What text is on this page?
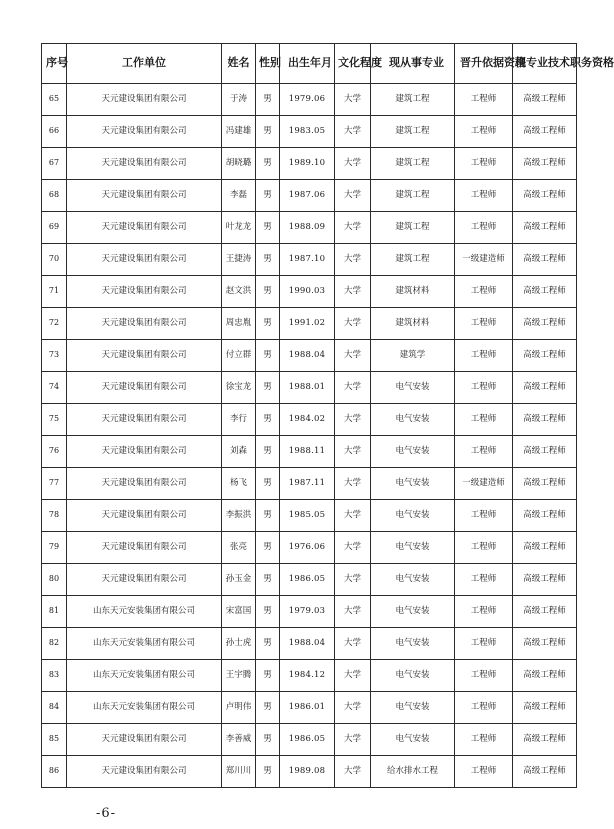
序号	工作单位	姓名	性别	出生年月	文化程度	现从事专业	晋升依据资格	现专业技术职务资格
65	天元建设集团有限公司	于涛	男	1979.06	大学	建筑工程	工程师	高级工程师
66	天元建设集团有限公司	冯建雄	男	1983.05	大学	建筑工程	工程师	高级工程师
67	天元建设集团有限公司	胡晓璐	男	1989.10	大学	建筑工程	工程师	高级工程师
68	天元建设集团有限公司	李磊	男	1987.06	大学	建筑工程	工程师	高级工程师
69	天元建设集团有限公司	叶龙龙	男	1988.09	大学	建筑工程	工程师	高级工程师
70	天元建设集团有限公司	王捷涛	男	1987.10	大学	建筑工程	一级建造师	高级工程师
71	天元建设集团有限公司	赵文洪	男	1990.03	大学	建筑材料	工程师	高级工程师
72	天元建设集团有限公司	周忠胤	男	1991.02	大学	建筑材料	工程师	高级工程师
73	天元建设集团有限公司	付立群	男	1988.04	大学	建筑学	工程师	高级工程师
74	天元建设集团有限公司	徐宝龙	男	1988.01	大学	电气安装	工程师	高级工程师
75	天元建设集团有限公司	李行	男	1984.02	大学	电气安装	工程师	高级工程师
76	天元建设集团有限公司	刘森	男	1988.11	大学	电气安装	工程师	高级工程师
77	天元建设集团有限公司	杨飞	男	1987.11	大学	电气安装	一级建造师	高级工程师
78	天元建设集团有限公司	李振洪	男	1985.05	大学	电气安装	工程师	高级工程师
79	天元建设集团有限公司	张亮	男	1976.06	大学	电气安装	工程师	高级工程师
80	天元建设集团有限公司	孙玉金	男	1986.05	大学	电气安装	工程师	高级工程师
81	山东天元安装集团有限公司	宋富国	男	1979.03	大学	电气安装	工程师	高级工程师
82	山东天元安装集团有限公司	孙士虎	男	1988.04	大学	电气安装	工程师	高级工程师
83	山东天元安装集团有限公司	王宇腾	男	1984.12	大学	电气安装	工程师	高级工程师
84	山东天元安装集团有限公司	卢明伟	男	1986.01	大学	电气安装	工程师	高级工程师
85	天元建设集团有限公司	李善威	男	1986.05	大学	电气安装	工程师	高级工程师
86	天元建设集团有限公司	郑川川	男	1989.08	大学	给水排水工程	工程师	高级工程师
-6-
